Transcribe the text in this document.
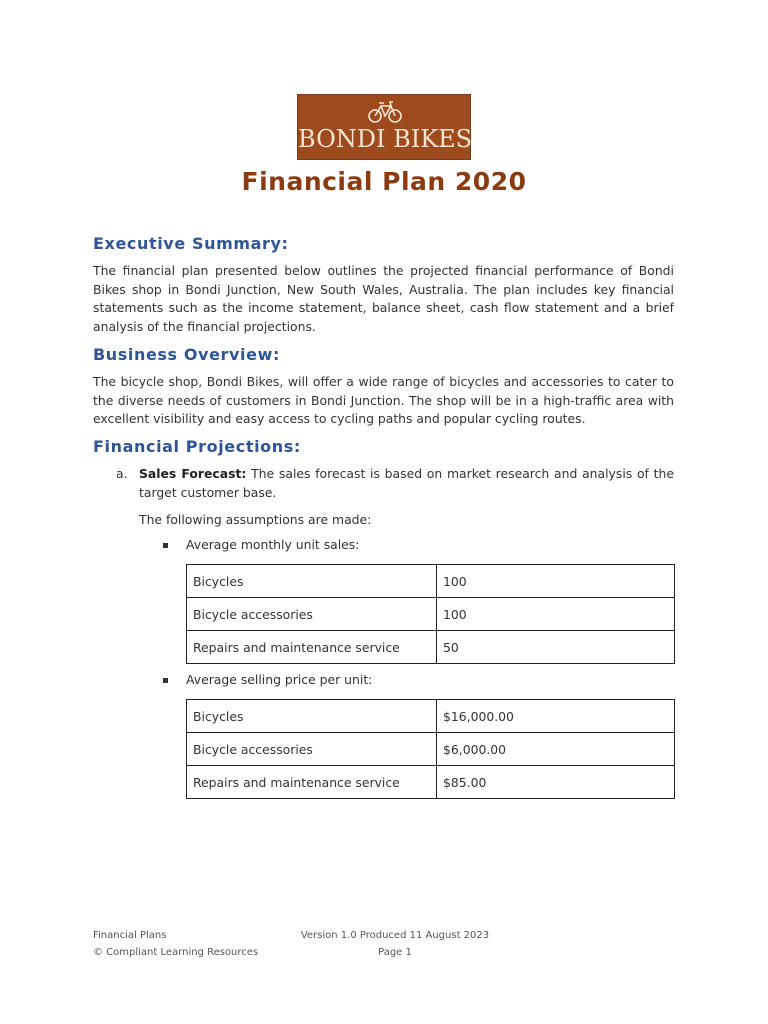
BONDI BIKES
Financial Plan 2020
Executive Summary:
The financial plan presented below outlines the projected financial performance of Bondi Bikes shop in Bondi Junction, New South Wales, Australia. The plan includes key financial statements such as the income statement, balance sheet, cash flow statement and a brief analysis of the financial projections.
Business Overview:
The bicycle shop, Bondi Bikes, will offer a wide range of bicycles and accessories to cater to the diverse needs of customers in Bondi Junction. The shop will be in a high-traffic area with excellent visibility and easy access to cycling paths and popular cycling routes.
Financial Projections:
a. Sales Forecast: The sales forecast is based on market research and analysis of the target customer base.
The following assumptions are made:
Average monthly unit sales:
Bicycles	100
Bicycle accessories	100
Repairs and maintenance service	50
Average selling price per unit:
Bicycles	$16,000.00
Bicycle accessories	$6,000.00
Repairs and maintenance service	$85.00
Financial Plans
© Compliant Learning Resources
Version 1.0 Produced 11 August 2023
Page 1
